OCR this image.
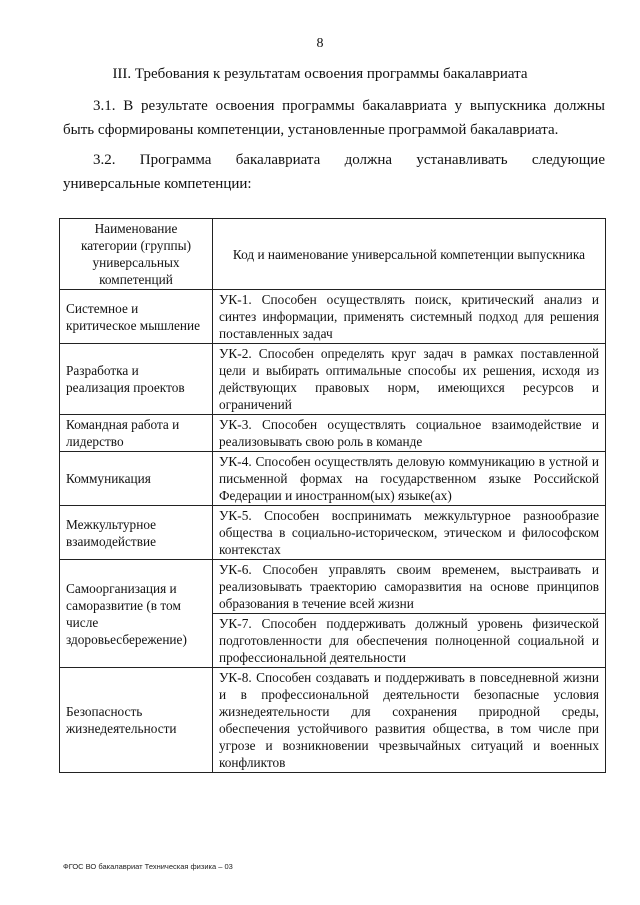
8
III. Требования к результатам освоения программы бакалавриата
3.1. В результате освоения программы бакалавриата у выпускника должны
быть сформированы компетенции, установленные программой бакалавриата.
3.2. Программа бакалавриата должна устанавливать следующие
универсальные компетенции:
Наименование категории (группы) универсальных компетенций	Код и наименование универсальной компетенции выпускника
Системное и критическое мышление	УК-1. Способен осуществлять поиск, критический анализ и синтез информации, применять системный подход для решения поставленных задач
Разработка и реализация проектов	УК-2. Способен определять круг задач в рамках поставленной цели и выбирать оптимальные способы их решения, исходя из действующих правовых норм, имеющихся ресурсов и ограничений
Командная работа и лидерство	УК-3. Способен осуществлять социальное взаимодействие и реализовывать свою роль в команде
Коммуникация	УК-4. Способен осуществлять деловую коммуникацию в устной и письменной формах на государственном языке Российской Федерации и иностранном(ых) языке(ах)
Межкультурное взаимодействие	УК-5. Способен воспринимать межкультурное разнообразие общества в социально-историческом, этическом и философском контекстах
Самоорганизация и саморазвитие (в том числе здоровьесбережение)	УК-6. Способен управлять своим временем, выстраивать и реализовывать траекторию саморазвития на основе принципов образования в течение всей жизни
	УК-7. Способен поддерживать должный уровень физической подготовленности для обеспечения полноценной социальной и профессиональной деятельности
Безопасность жизнедеятельности	УК-8. Способен создавать и поддерживать в повседневной жизни и в профессиональной деятельности безопасные условия жизнедеятельности для сохранения природной среды, обеспечения устойчивого развития общества, в том числе при угрозе и возникновении чрезвычайных ситуаций и военных конфликтов
ФГОС ВО бакалавриат Техническая физика – 03
